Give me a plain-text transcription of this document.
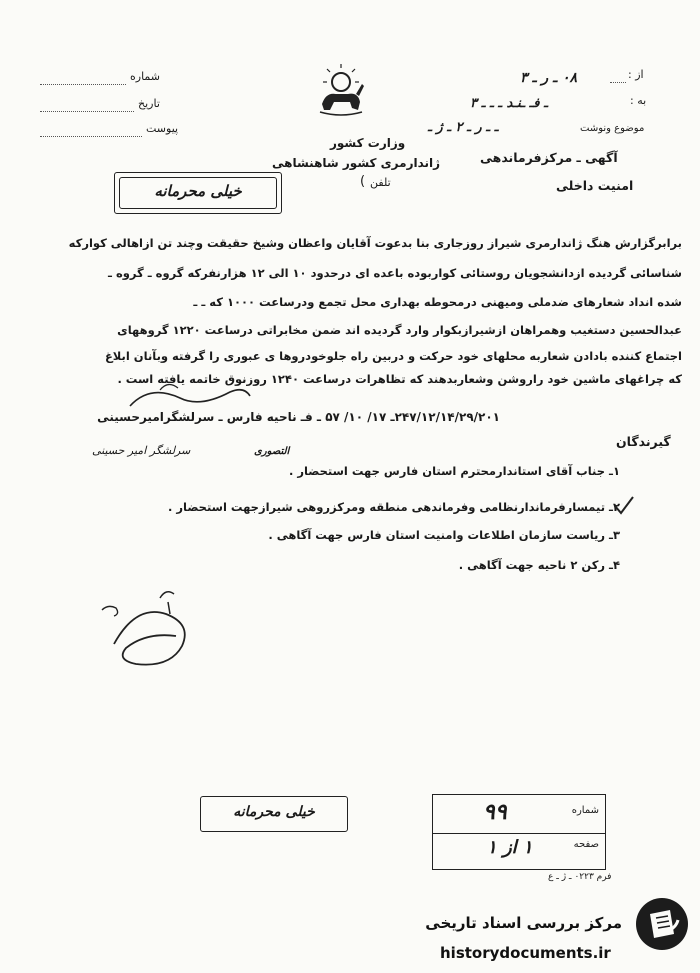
شماره
تاریخ
پیوست
وزارت کشور
ژاندارمری کشور شاهنشاهی
تلفن
(
خیلی محرمانه
از :
۰۸ ـ ر ـ ۳
به :
ـ فـ ـنـد ـ ـ ـ ۳
موضوع ونوشت
ـ ـ ر ـ ۲ ـ ژ ـ
آگهی ـ مرکزفرماندهی
امنیت داخلی
برابرگزارش هنگ ژاندارمری شیراز روزجاری بنا بدعوت آقایان واعظان وشیخ حقیقت وچند تن ازاهالی کوارکه
شناسائی گردیده ازدانشجویان روستائی کواربوده باعده ای درحدود ۱۰ الی ۱۲ هزارنفرکه گروه ـ گروه ـ
شده انداد شعارهای ضدملی ومیهنی درمحوطه بهداری محل تجمع ودرساعت ۱۰۰۰ که ـ ـ
عبدالحسین دستغیب وهمراهان ازشیرازبکوار وارد گردیده اند ضمن مخابراتی درساعت ۱۲۲۰ گروههای
اجتماع کننده بادادن شعاربه محلهای خود حرکت و دربین راه جلوخودروها ی عبوری را گرفته وبآنان ابلاغ
که چراغهای ماشین خود راروشن وشعاربدهند که تظاهرات درساعت ۱۲۴۰ روزنوق خاتمه یافته است .
۲۴۷/۱۲/۱۴/۲۹/۲۰۱ـ ۱۷/ ۱۰/ ۵۷ ـ فـ ناحیه فارس ـ سرلشگرامیرحسینی
التصوری
سرلشگر امیر حسینی
گیرندگان
۱ـ جناب آقای استاندارمحترم استان فارس جهت استحضار .
۲ـ تیمسارفرماندارنظامی وفرماندهی منطقه ومرکزروهی شیرازجهت استحضار .
۳ـ ریاست سازمان اطلاعات وامنیت استان فارس جهت آگاهی .
۴ـ رکن ۲ ناحیه جهت آگاهی .
خیلی محرمانه	شماره
۹۹
صفحه
۱ از ۱
فرم ۰۲۲۳ ـ ژ ـ ع
مرکز بررسی اسناد تاریخی
historydocuments.ir
